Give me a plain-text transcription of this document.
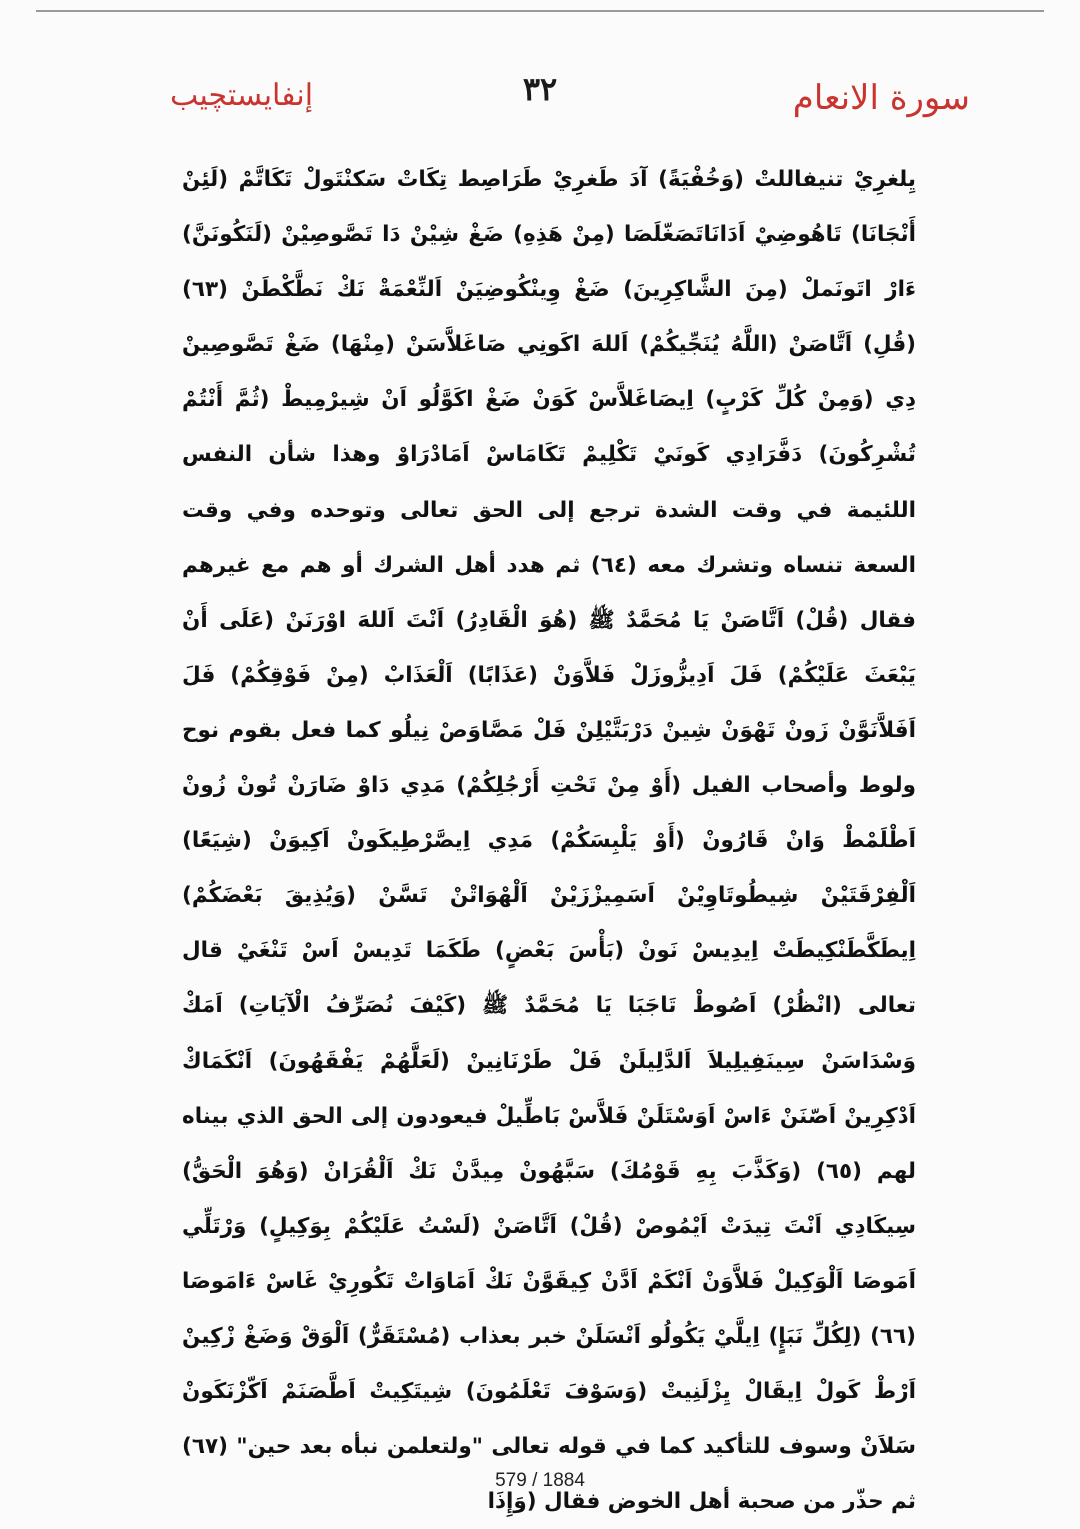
إنفايستچيب	٣٢	سورة الانعام
يِلغرِيْ تنيفاللتْ (وَخُفْيَةً) آدَ طَغرِيْ طَرَاصِط تِكَاتْ سَكنْتَولْ تَكَاتَّمْ (لَئِنْ أَنْجَانَا) تَاهُوضِيْ اَدَانَاتَصَغّلَصَا (مِنْ هَذِهِ) ضَغْ شِيْنْ دَا تَصَّوصِيْنْ (لَنَكُونَنَّ) ءَارْ اتَونَملْ (مِنَ الشَّاكِرِينَ) ضَغْ وِينْكُوضِيَنْ اَلنِّعْمَةْ نَكْ نَطَّكْطَنْ (٦٣) (قُلِ) اَتَّاصَنْ (اللَّهُ يُنَجِّيكُمْ) اَللهَ اكَونِي صَاغَلاَّسَنْ (مِنْهَا) ضَغْ تَصَّوصِينْ دِي (وَمِنْ كُلِّ كَرْبٍ) اِيصَاغَلاَّسْ كَوَنْ ضَغْ اكَوَّلُو اَنْ شِيرْمِيطْ (ثُمَّ أَنْتُمْ تُشْرِكُونَ) دَفَّرَادِي كَونَيْ تَكْلِيمْ تَكَامَاسْ اَمَادْرَاوْ وهذا شأن النفس اللئيمة في وقت الشدة ترجع إلى الحق تعالى وتوحده وفي وقت السعة تنساه وتشرك معه (٦٤) ثم هدد أهل الشرك أو هم مع غيرهم فقال (قُلْ) اَتَّاصَنْ يَا مُحَمَّدٌ ﷺ (هُوَ الْقَادِرُ) اَنْتَ اَللهَ اوْرَنَنْ (عَلَى أَنْ يَبْعَثَ عَلَيْكُمْ) فَلَ اَدِيزُّوزَلْ فَلاَّوَنْ (عَذَابًا) اَلْعَذَابْ (مِنْ فَوْقِكُمْ) فَلَ اَفَلاَّنَوَّنْ زَونْ تَهْوَنْ شِينْ دَرْبَتَّيْلِنْ فَلْ مَصَّاوَصْ نِيلُو كما فعل بقوم نوح ولوط وأصحاب الفيل (أَوْ مِنْ تَحْتِ أَرْجُلِكُمْ) مَدِي دَاوْ ضَارَنْ تُونْ زُونْ اَطْلَمْطْ وَانْ قَارُونْ (أَوْ يَلْبِسَكُمْ) مَدِي اِيصَّرْطِيكَونْ اَكِيوَنْ (شِيَعًا) اَلْفِرْقَتَيْنْ شِيطُوتَاوِيْنْ اَسَمِيزْزَيْنْ اَلْهْوَاتْنْ تَسَّنْ (وَيُذِيقَ بَعْضَكُمْ) اِيطَكَّطَنْكِيطَتْ اِيدِيسْ نَونْ (بَأْسَ بَعْضٍ) طَكَمَا تَدِيسْ اَسْ تَنْغَيْ قال تعالى (انْظُرْ) اَصُوطْ تَاجَبَا يَا مُحَمَّدٌ ﷺ (كَيْفَ نُصَرِّفُ الْآيَاتِ) اَمَكْ وَسْدَاسَنْ سِينَفِيلِيلاَ اَلدَّلِيلَنْ فَلْ طَرْنَانِينْ (لَعَلَّهُمْ يَفْقَهُونَ) اَنْكَمَاكْ اَدْكِرِينْ اَصّنَنْ ءَاسْ اَوَسْتَلَنْ فَلاَّسْ بَاطِّيلْ فيعودون إلى الحق الذي بيناه لهم (٦٥) (وَكَذَّبَ بِهِ قَوْمُكَ) سَبَّهُونْ مِيدَّنْ نَكْ اَلْقُرَانْ (وَهُوَ الْحَقُّ) سِيكَادِي اَنْتَ تِيدَتْ اَيْمُوصْ (قُلْ) اَتَّاصَنْ (لَسْتُ عَلَيْكُمْ بِوَكِيلٍ) وَرْتَلِّي اَمَوصَا اَلْوَكِيلْ فَلاَّوَنْ اَنْكَمْ اَدَّنْ كِيقَوَّنْ نَكْ اَمَاوَاتْ تَكُورِيْ غَاسْ ءَامَوصَا (٦٦) (لِكُلِّ نَبَإٍ) اِيلَّيْ يَكُولُو اَنْسَلَنْ خبر بعذاب (مُسْتَقَرٌّ) اَلْوَقْ وَضَغْ زْكِينْ اَرْطْ كَولْ اِيقَالْ يِزْلَنِيتْ (وَسَوْفَ تَعْلَمُونَ) شِيتَكِيتْ اَطَّصَنَمْ اَكّزْنَكَونْ سَلاَنْ وسوف للتأكيد كما في قوله تعالى "ولتعلمن نبأه بعد حين" (٦٧) ثم حذّر من صحبة أهل الخوض فقال (وَإِذَا
579 / 1884
